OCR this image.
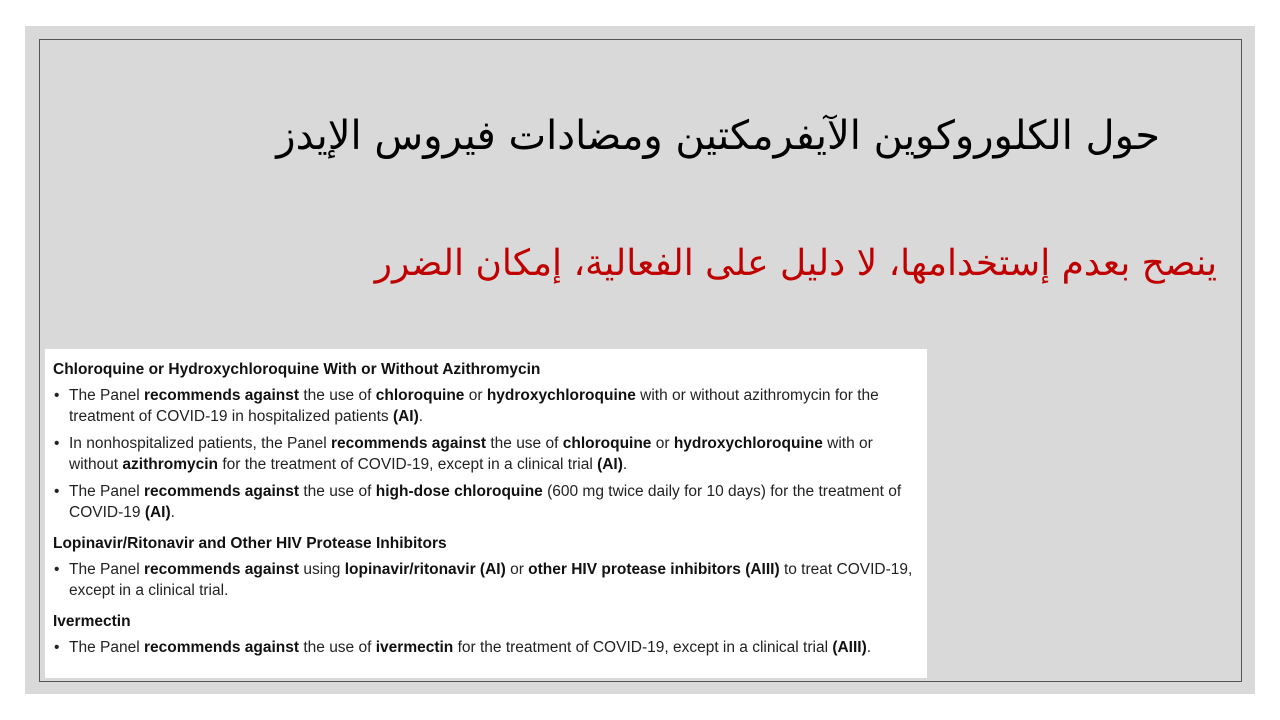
حول الكلوروكوين الآيفرمكتين ومضادات فيروس الإيدز
ينصح بعدم إستخدامها، لا دليل على الفعالية، إمكان الضرر
Chloroquine or Hydroxychloroquine With or Without Azithromycin
• The Panel recommends against the use of chloroquine or hydroxychloroquine with or without azithromycin for the treatment of COVID-19 in hospitalized patients (AI).
• In nonhospitalized patients, the Panel recommends against the use of chloroquine or hydroxychloroquine with or without azithromycin for the treatment of COVID-19, except in a clinical trial (AI).
• The Panel recommends against the use of high-dose chloroquine (600 mg twice daily for 10 days) for the treatment of COVID-19 (AI).
Lopinavir/Ritonavir and Other HIV Protease Inhibitors
• The Panel recommends against using lopinavir/ritonavir (AI) or other HIV protease inhibitors (AIII) to treat COVID-19, except in a clinical trial.
Ivermectin
• The Panel recommends against the use of ivermectin for the treatment of COVID-19, except in a clinical trial (AIII).
